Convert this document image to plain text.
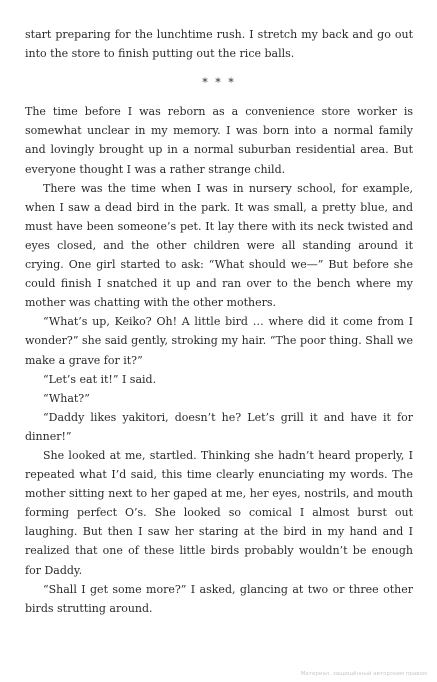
start preparing for the lunchtime rush. I stretch my back and go out into the store to finish putting out the rice balls.

* * *

The time before I was reborn as a convenience store worker is somewhat unclear in my memory. I was born into a normal family and lovingly brought up in a normal suburban residential area. But everyone thought I was a rather strange child.

There was the time when I was in nursery school, for example, when I saw a dead bird in the park. It was small, a pretty blue, and must have been someone’s pet. It lay there with its neck twisted and eyes closed, and the other children were all standing around it crying. One girl started to ask: “What should we—” But before she could finish I snatched it up and ran over to the bench where my mother was chatting with the other mothers.

“What’s up, Keiko? Oh! A little bird … where did it come from I wonder?” she said gently, stroking my hair. “The poor thing. Shall we make a grave for it?”

“Let’s eat it!” I said.

“What?”

“Daddy likes yakitori, doesn’t he? Let’s grill it and have it for dinner!”

She looked at me, startled. Thinking she hadn’t heard properly, I repeated what I’d said, this time clearly enunciating my words. The mother sitting next to her gaped at me, her eyes, nostrils, and mouth forming perfect O’s. She looked so comical I almost burst out laughing. But then I saw her staring at the bird in my hand and I realized that one of these little birds probably wouldn’t be enough for Daddy.

“Shall I get some more?” I asked, glancing at two or three other birds strutting around.

Материал, защищённый авторским правом
